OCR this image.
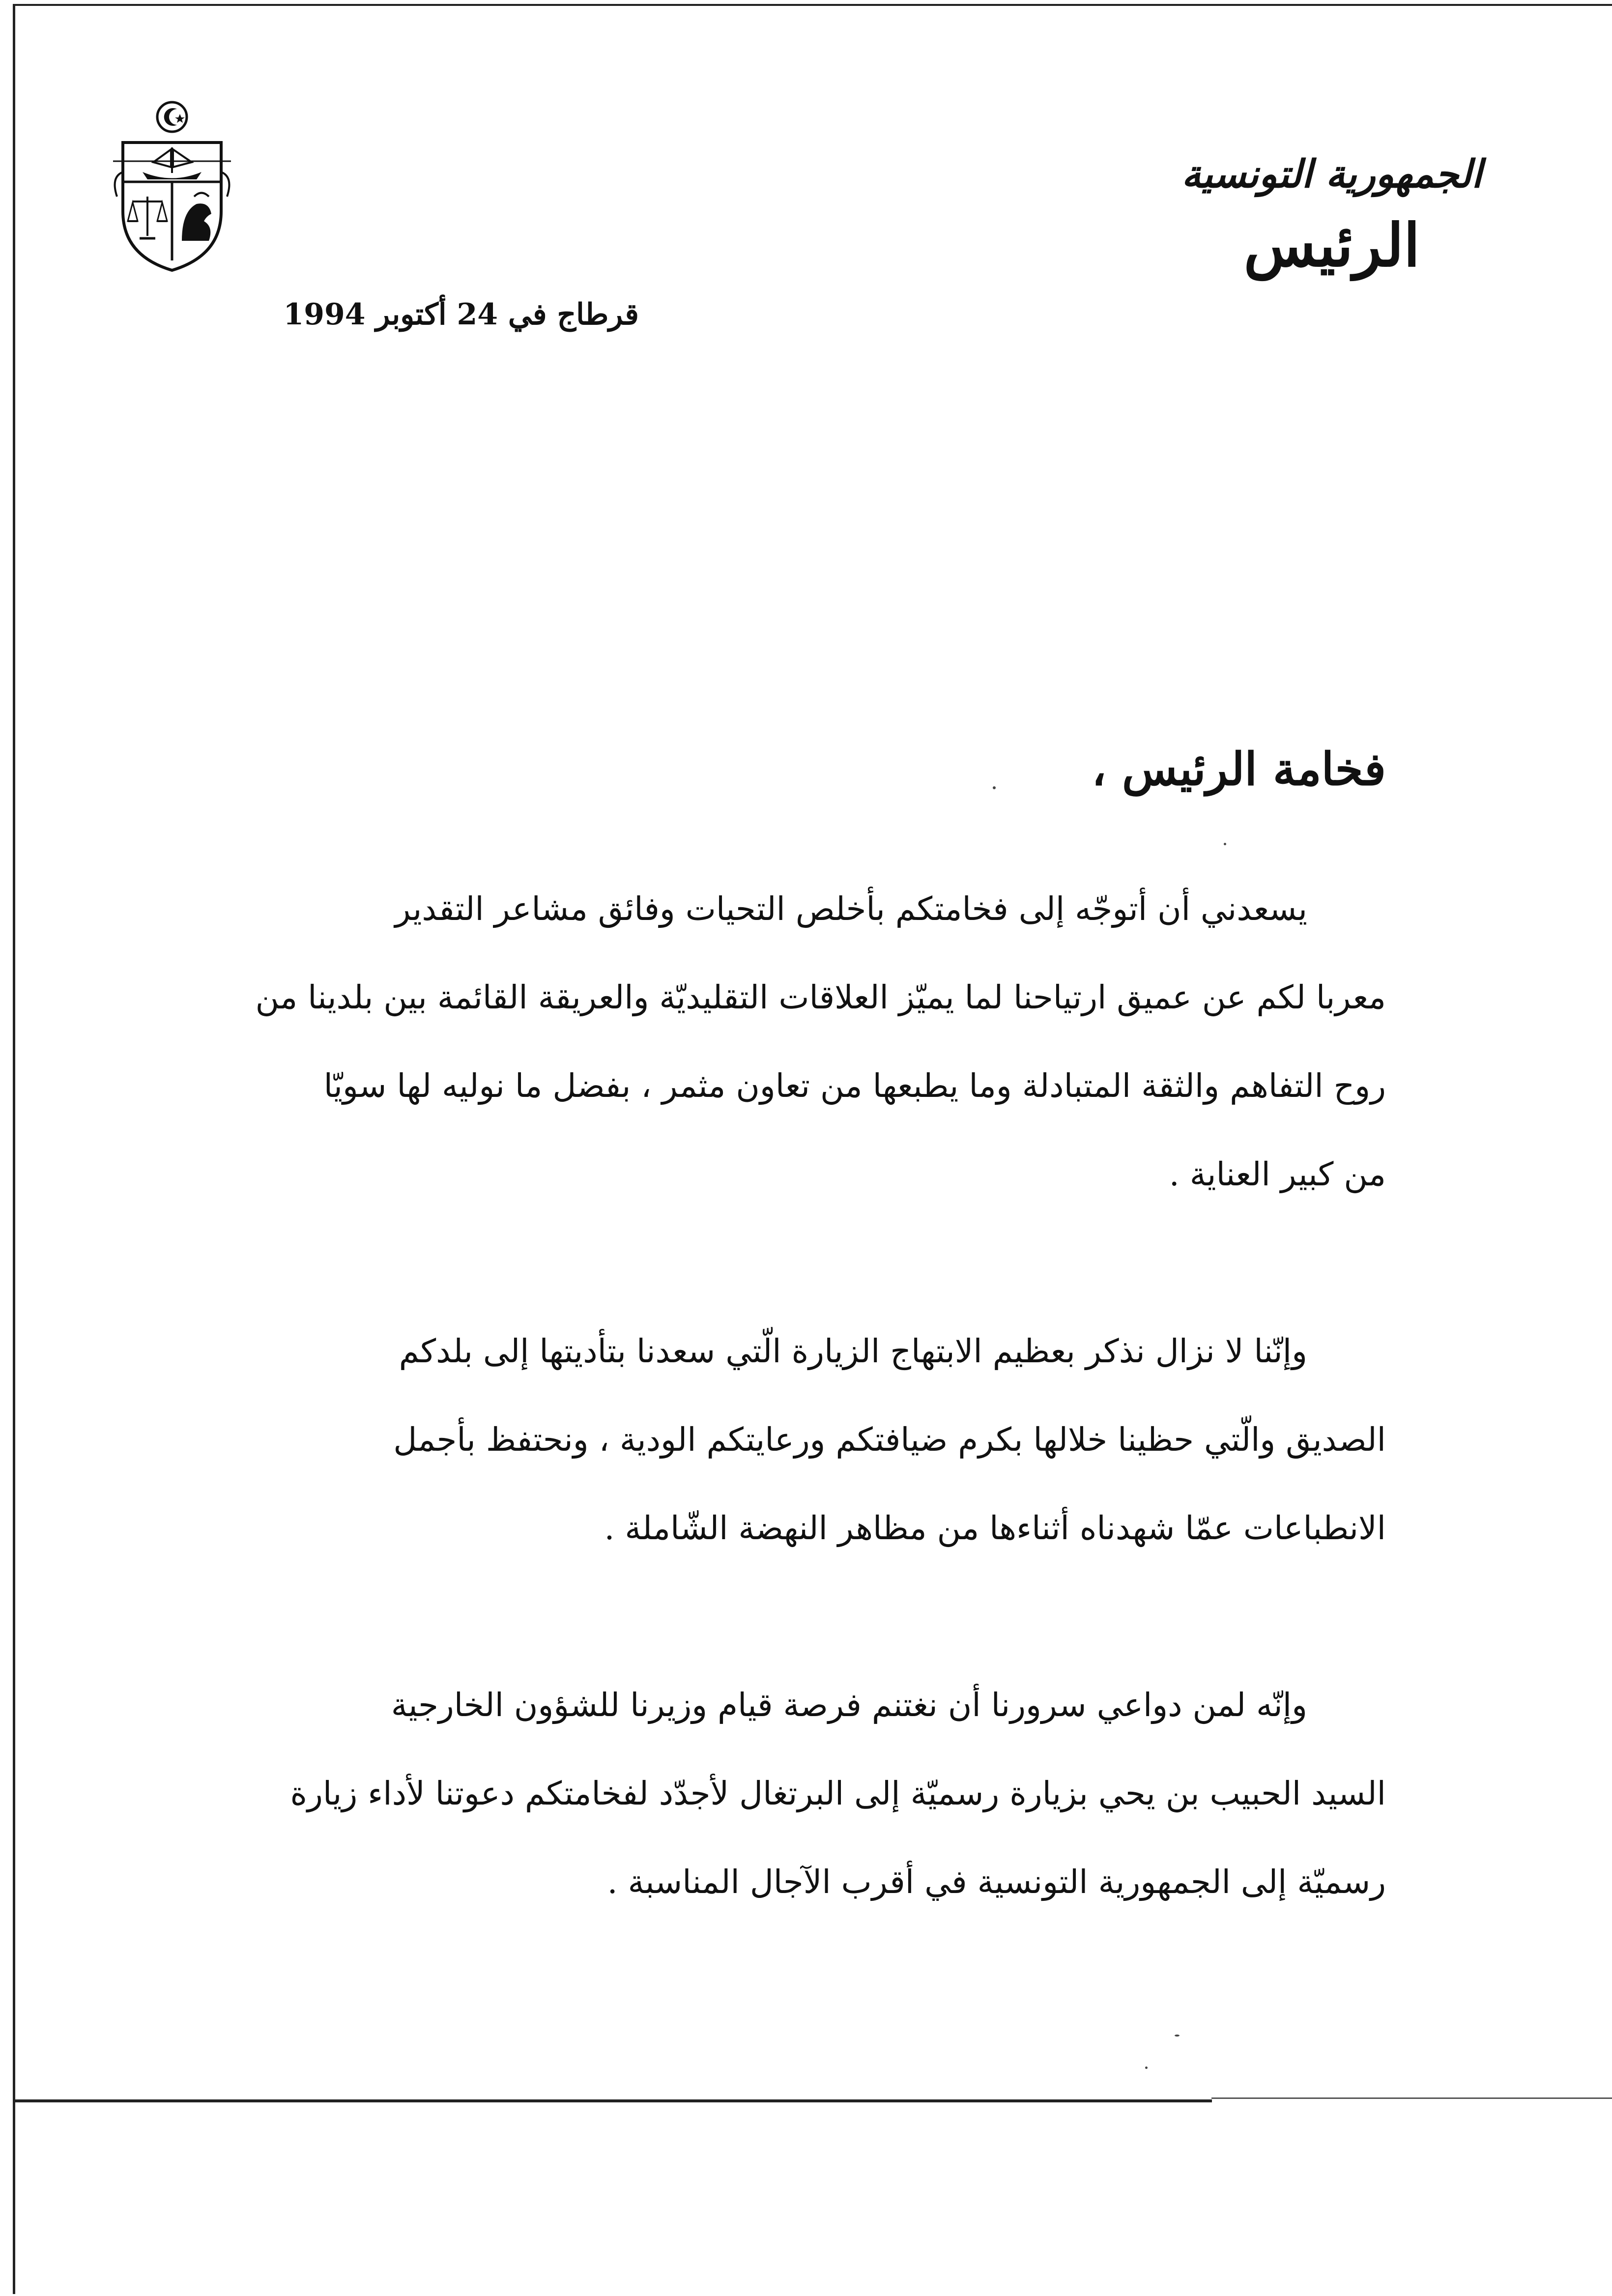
الجمهورية التونسية
الرئيس
قرطاج في 24 أكتوبر 1994
فخامة الرئيس ،

يسعدني أن أتوجّه إلى فخامتكم بأخلص التحيات وفائق مشاعر التقدير

معربا لكم عن عميق ارتياحنا لما يميّز العلاقات التقليديّة والعريقة القائمة بين بلدينا من

روح التفاهم والثقة المتبادلة وما يطبعها من تعاون مثمر ، بفضل ما نوليه لها سويّا

من كبير العناية .

وإنّنا لا نزال نذكر بعظيم الابتهاج الزيارة الّتي سعدنا بتأديتها إلى بلدكم

الصديق والّتي حظينا خلالها بكرم ضيافتكم ورعايتكم الودية ، ونحتفظ بأجمل

الانطباعات عمّا شهدناه أثناءها من مظاهر النهضة الشّاملة .

وإنّه لمن دواعي سرورنا أن نغتنم فرصة قيام وزيرنا للشؤون الخارجية

السيد الحبيب بن يحي بزيارة رسميّة إلى البرتغال لأجدّد لفخامتكم دعوتنا لأداء زيارة

رسميّة إلى الجمهورية التونسية في أقرب الآجال المناسبة .
